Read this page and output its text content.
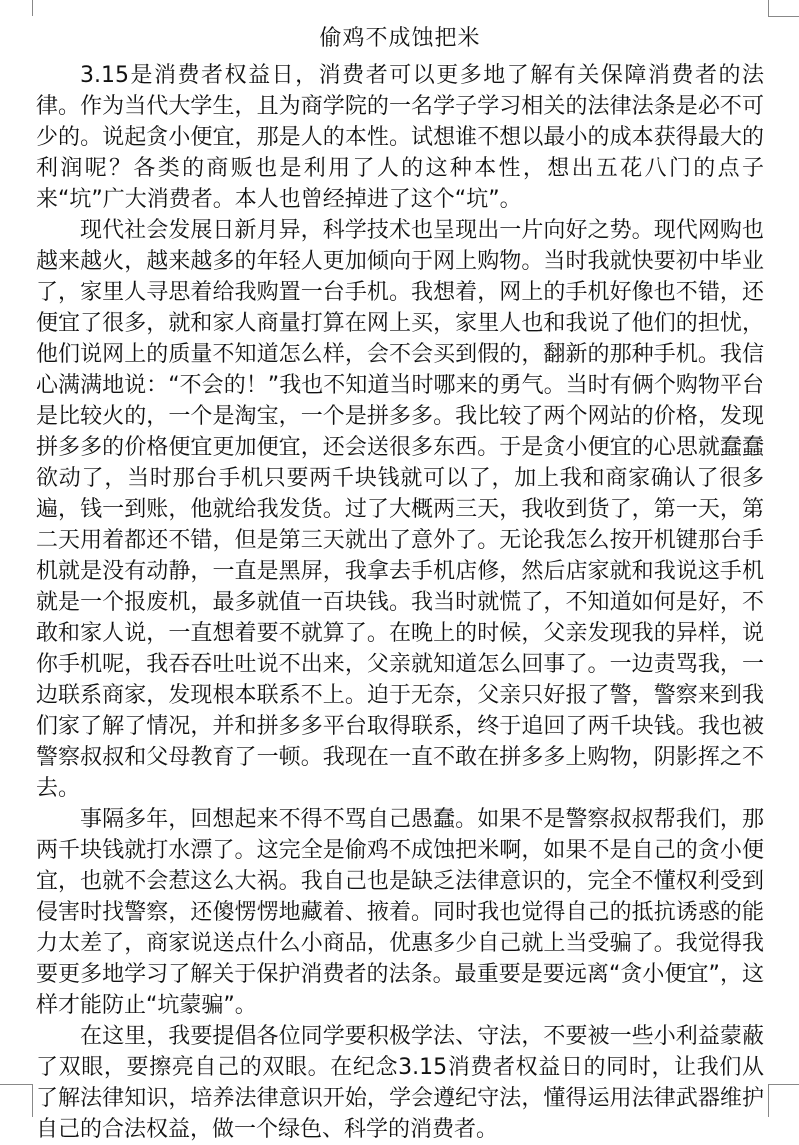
偷鸡不成蚀把米

3.15是消费者权益日，消费者可以更多地了解有关保障消费者的法律。作为当代大学生，且为商学院的一名学子学习相关的法律法条是必不可少的。说起贪小便宜，那是人的本性。试想谁不想以最小的成本获得最大的利润呢？各类的商贩也是利用了人的这种本性，想出五花八门的点子来“坑”广大消费者。本人也曾经掉进了这个“坑”。

现代社会发展日新月异，科学技术也呈现出一片向好之势。现代网购也越来越火，越来越多的年轻人更加倾向于网上购物。当时我就快要初中毕业了，家里人寻思着给我购置一台手机。我想着，网上的手机好像也不错，还便宜了很多，就和家人商量打算在网上买，家里人也和我说了他们的担忧，他们说网上的质量不知道怎么样，会不会买到假的，翻新的那种手机。我信心满满地说：“不会的！”我也不知道当时哪来的勇气。当时有俩个购物平台是比较火的，一个是淘宝，一个是拼多多。我比较了两个网站的价格，发现拼多多的价格便宜更加便宜，还会送很多东西。于是贪小便宜的心思就蠢蠢欲动了，当时那台手机只要两千块钱就可以了，加上我和商家确认了很多遍，钱一到账，他就给我发货。过了大概两三天，我收到货了，第一天，第二天用着都还不错，但是第三天就出了意外了。无论我怎么按开机键那台手机就是没有动静，一直是黑屏，我拿去手机店修，然后店家就和我说这手机就是一个报废机，最多就值一百块钱。我当时就慌了，不知道如何是好，不敢和家人说，一直想着要不就算了。在晚上的时候，父亲发现我的异样，说你手机呢，我吞吞吐吐说不出来，父亲就知道怎么回事了。一边责骂我，一边联系商家，发现根本联系不上。迫于无奈，父亲只好报了警，警察来到我们家了解了情况，并和拼多多平台取得联系，终于追回了两千块钱。我也被警察叔叔和父母教育了一顿。我现在一直不敢在拼多多上购物，阴影挥之不去。

事隔多年，回想起来不得不骂自己愚蠢。如果不是警察叔叔帮我们，那两千块钱就打水漂了。这完全是偷鸡不成蚀把米啊，如果不是自己的贪小便宜，也就不会惹这么大祸。我自己也是缺乏法律意识的，完全不懂权利受到侵害时找警察，还傻愣愣地藏着、掖着。同时我也觉得自己的抵抗诱惑的能力太差了，商家说送点什么小商品，优惠多少自己就上当受骗了。我觉得我要更多地学习了解关于保护消费者的法条。最重要是要远离“贪小便宜”，这样才能防止“坑蒙骗”。

在这里，我要提倡各位同学要积极学法、守法，不要被一些小利益蒙蔽了双眼，要擦亮自己的双眼。在纪念3.15消费者权益日的同时，让我们从了解法律知识，培养法律意识开始，学会遵纪守法，懂得运用法律武器维护自己的合法权益，做一个绿色、科学的消费者。
